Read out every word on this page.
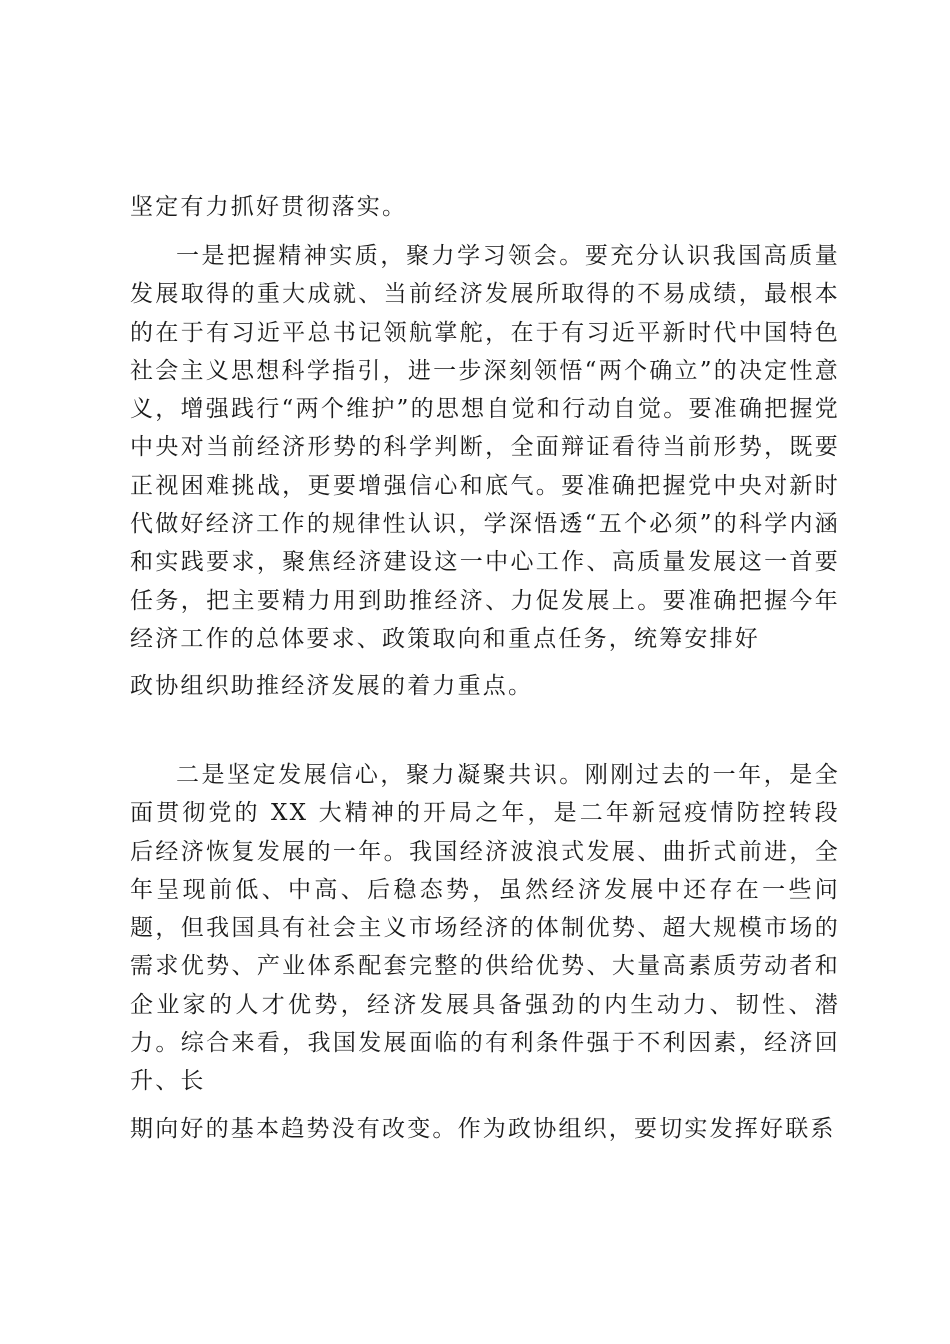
坚定有力抓好贯彻落实。

一是把握精神实质，聚力学习领会。要充分认识我国高质量发展取得的重大成就、当前经济发展所取得的不易成绩，最根本的在于有习近平总书记领航掌舵，在于有习近平新时代中国特色社会主义思想科学指引，进一步深刻领悟“两个确立”的决定性意义，增强践行“两个维护”的思想自觉和行动自觉。要准确把握党中央对当前经济形势的科学判断，全面辩证看待当前形势，既要正视困难挑战，更要增强信心和底气。要准确把握党中央对新时代做好经济工作的规律性认识，学深悟透“五个必须”的科学内涵和实践要求，聚焦经济建设这一中心工作、高质量发展这一首要任务，把主要精力用到助推经济、力促发展上。要准确把握今年经济工作的总体要求、政策取向和重点任务，统筹安排好

政协组织助推经济发展的着力重点。

二是坚定发展信心，聚力凝聚共识。刚刚过去的一年，是全面贯彻党的 XX 大精神的开局之年，是二年新冠疫情防控转段后经济恢复发展的一年。我国经济波浪式发展、曲折式前进，全年呈现前低、中高、后稳态势，虽然经济发展中还存在一些问题，但我国具有社会主义市场经济的体制优势、超大规模市场的需求优势、产业体系配套完整的供给优势、大量高素质劳动者和企业家的人才优势，经济发展具备强劲的内生动力、韧性、潜力。综合来看，我国发展面临的有利条件强于不利因素，经济回升、长

期向好的基本趋势没有改变。作为政协组织，要切实发挥好联系
